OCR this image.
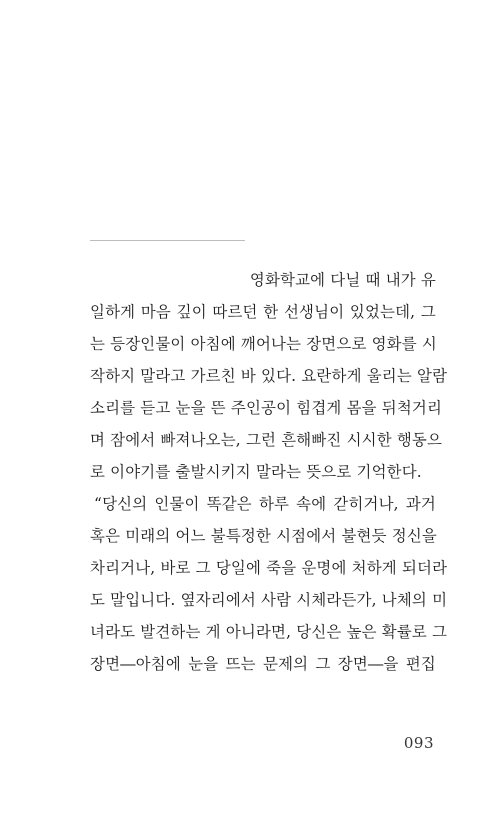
영화학교에 다닐 때 내가 유
일하게 마음 깊이 따르던 한 선생님이 있었는데, 그
는 등장인물이 아침에 깨어나는 장면으로 영화를 시
작하지 말라고 가르친 바 있다. 요란하게 울리는 알람
소리를 듣고 눈을 뜬 주인공이 힘겹게 몸을 뒤척거리
며 잠에서 빠져나오는, 그런 흔해빠진 시시한 행동으
로 이야기를 출발시키지 말라는 뜻으로 기억한다.
“당신의 인물이 똑같은 하루 속에 갇히거나, 과거
혹은 미래의 어느 불특정한 시점에서 불현듯 정신을
차리거나, 바로 그 당일에 죽을 운명에 처하게 되더라
도 말입니다. 옆자리에서 사람 시체라든가, 나체의 미
녀라도 발견하는 게 아니라면, 당신은 높은 확률로 그
장면―아침에 눈을 뜨는 문제의 그 장면―을 편집
093
